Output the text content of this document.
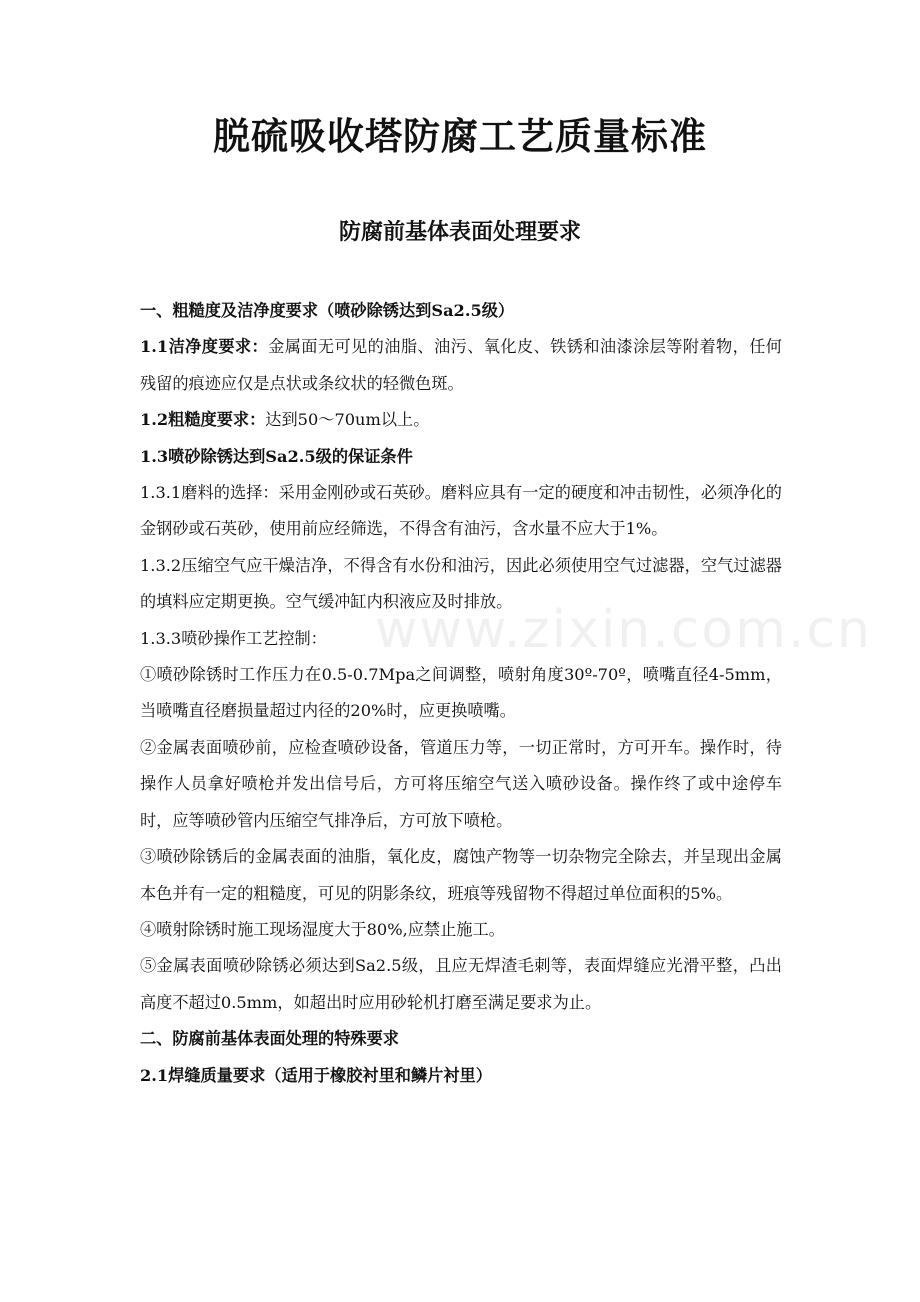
www.zixin.com.cn
脱硫吸收塔防腐工艺质量标准
防腐前基体表面处理要求

一、粗糙度及洁净度要求（喷砂除锈达到Sa2.5级）

1.1洁净度要求：金属面无可见的油脂、油污、氧化皮、铁锈和油漆涂层等附着物，任何残留的痕迹应仅是点状或条纹状的轻微色斑。

1.2粗糙度要求：达到50～70um以上。

1.3喷砂除锈达到Sa2.5级的保证条件

1.3.1磨料的选择：采用金刚砂或石英砂。磨料应具有一定的硬度和冲击韧性，必须净化的金钢砂或石英砂，使用前应经筛选，不得含有油污，含水量不应大于1%。

1.3.2压缩空气应干燥洁净，不得含有水份和油污，因此必须使用空气过滤器，空气过滤器的填料应定期更换。空气缓冲缸内积液应及时排放。

1.3.3喷砂操作工艺控制：

①喷砂除锈时工作压力在0.5-0.7Mpa之间调整，喷射角度30º-70º，喷嘴直径4-5mm，当喷嘴直径磨损量超过内径的20%时，应更换喷嘴。

②金属表面喷砂前，应检查喷砂设备，管道压力等，一切正常时，方可开车。操作时，待操作人员拿好喷枪并发出信号后，方可将压缩空气送入喷砂设备。操作终了或中途停车时，应等喷砂管内压缩空气排净后，方可放下喷枪。

③喷砂除锈后的金属表面的油脂，氧化皮，腐蚀产物等一切杂物完全除去，并呈现出金属本色并有一定的粗糙度，可见的阴影条纹，班痕等残留物不得超过单位面积的5%。

④喷射除锈时施工现场湿度大于80%,应禁止施工。

⑤金属表面喷砂除锈必须达到Sa2.5级，且应无焊渣毛刺等，表面焊缝应光滑平整，凸出高度不超过0.5mm，如超出时应用砂轮机打磨至满足要求为止。

二、防腐前基体表面处理的特殊要求

2.1焊缝质量要求（适用于橡胶衬里和鳞片衬里）
